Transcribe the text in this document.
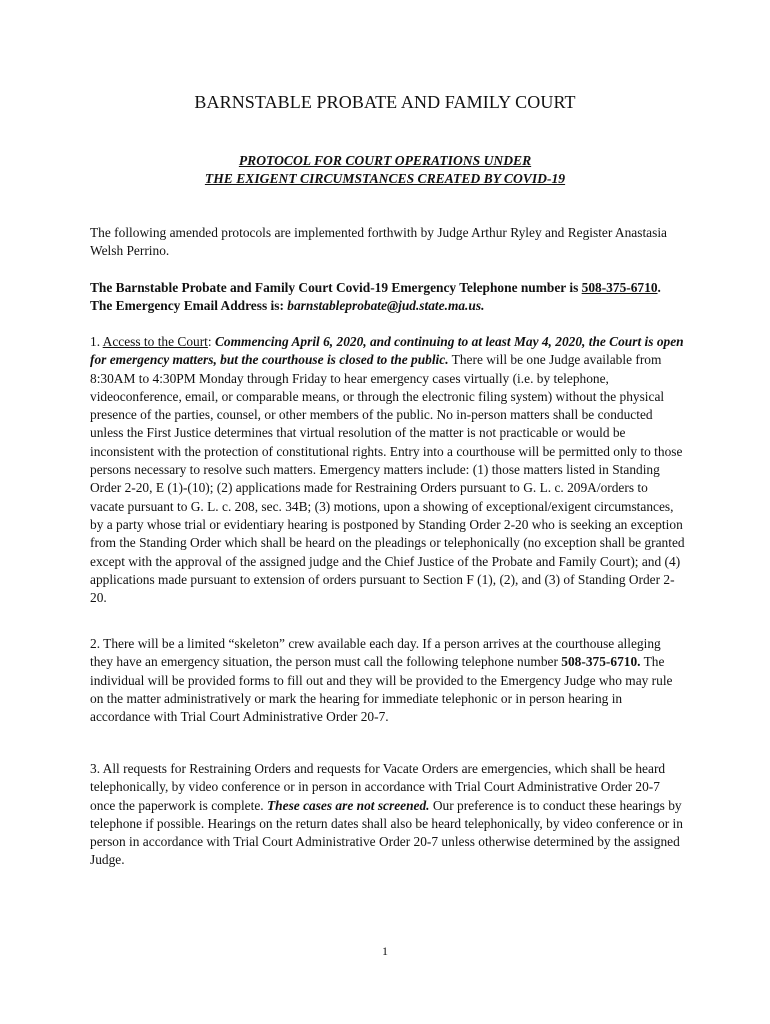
BARNSTABLE PROBATE AND FAMILY COURT
PROTOCOL FOR COURT OPERATIONS UNDER
THE EXIGENT CIRCUMSTANCES CREATED BY COVID-19
The following amended protocols are implemented forthwith by Judge Arthur Ryley and Register Anastasia Welsh Perrino.
The Barnstable Probate and Family Court Covid-19 Emergency Telephone number is 508-375-6710. The Emergency Email Address is: barnstableprobate@jud.state.ma.us.
1. Access to the Court: Commencing April 6, 2020, and continuing to at least May 4, 2020, the Court is open for emergency matters, but the courthouse is closed to the public. There will be one Judge available from 8:30AM to 4:30PM Monday through Friday to hear emergency cases virtually (i.e. by telephone, videoconference, email, or comparable means, or through the electronic filing system) without the physical presence of the parties, counsel, or other members of the public. No in-person matters shall be conducted unless the First Justice determines that virtual resolution of the matter is not practicable or would be inconsistent with the protection of constitutional rights. Entry into a courthouse will be permitted only to those persons necessary to resolve such matters. Emergency matters include: (1) those matters listed in Standing Order 2-20, E (1)-(10); (2) applications made for Restraining Orders pursuant to G. L. c. 209A/orders to vacate pursuant to G. L. c. 208, sec. 34B; (3) motions, upon a showing of exceptional/exigent circumstances, by a party whose trial or evidentiary hearing is postponed by Standing Order 2-20 who is seeking an exception from the Standing Order which shall be heard on the pleadings or telephonically (no exception shall be granted except with the approval of the assigned judge and the Chief Justice of the Probate and Family Court); and (4) applications made pursuant to extension of orders pursuant to Section F (1), (2), and (3) of Standing Order 2-20.
2. There will be a limited “skeleton” crew available each day. If a person arrives at the courthouse alleging they have an emergency situation, the person must call the following telephone number 508-375-6710. The individual will be provided forms to fill out and they will be provided to the Emergency Judge who may rule on the matter administratively or mark the hearing for immediate telephonic or in person hearing in accordance with Trial Court Administrative Order 20-7.
3. All requests for Restraining Orders and requests for Vacate Orders are emergencies, which shall be heard telephonically, by video conference or in person in accordance with Trial Court Administrative Order 20-7 once the paperwork is complete. These cases are not screened. Our preference is to conduct these hearings by telephone if possible. Hearings on the return dates shall also be heard telephonically, by video conference or in person in accordance with Trial Court Administrative Order 20-7 unless otherwise determined by the assigned Judge.
1
